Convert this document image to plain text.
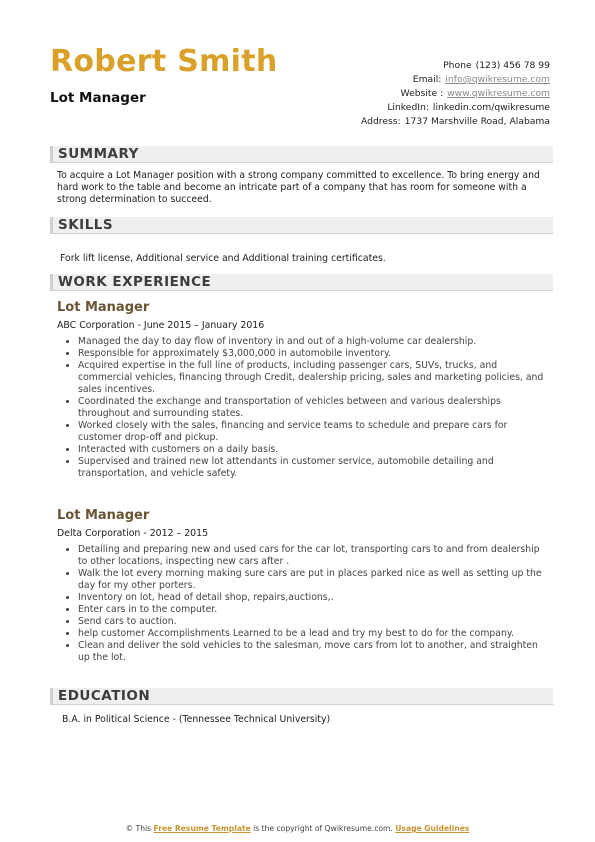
Robert Smith
Lot Manager
Phone (123) 456 78 99
Email: info@qwikresume.com
Website : www.qwikresume.com
LinkedIn: linkedin.com/qwikresume
Address: 1737 Marshville Road, Alabama
SUMMARY

To acquire a Lot Manager position with a strong company committed to excellence. To bring energy and hard work to the table and become an intricate part of a company that has room for someone with a strong determination to succeed.

SKILLS

Fork lift license, Additional service and Additional training certificates.

WORK EXPERIENCE
Lot Manager

ABC Corporation - June 2015 – January 2016

• Managed the day to day flow of inventory in and out of a high-volume car dealership.
• Responsible for approximately $3,000,000 in automobile inventory.
• Acquired expertise in the full line of products, including passenger cars, SUVs, trucks, and commercial vehicles, financing through Credit, dealership pricing, sales and marketing policies, and sales incentives.
• Coordinated the exchange and transportation of vehicles between and various dealerships throughout and surrounding states.
• Worked closely with the sales, financing and service teams to schedule and prepare cars for customer drop-off and pickup.
• Interacted with customers on a daily basis.
• Supervised and trained new lot attendants in customer service, automobile detailing and transportation, and vehicle safety.
Lot Manager

Delta Corporation - 2012 – 2015

• Detailing and preparing new and used cars for the car lot, transporting cars to and from dealership to other locations, inspecting new cars after .
• Walk the lot every morning making sure cars are put in places parked nice as well as setting up the day for my other porters.
• Inventory on lot, head of detail shop, repairs,auctions,.
• Enter cars in to the computer.
• Send cars to auction.
• help customer Accomplishments Learned to be a lead and try my best to do for the company.
• Clean and deliver the sold vehicles to the salesman, move cars from lot to another, and straighten up the lot.
EDUCATION

B.A. in Political Science - (Tennessee Technical University)

© This Free Resume Template is the copyright of Qwikresume.com. Usage Guidelines
